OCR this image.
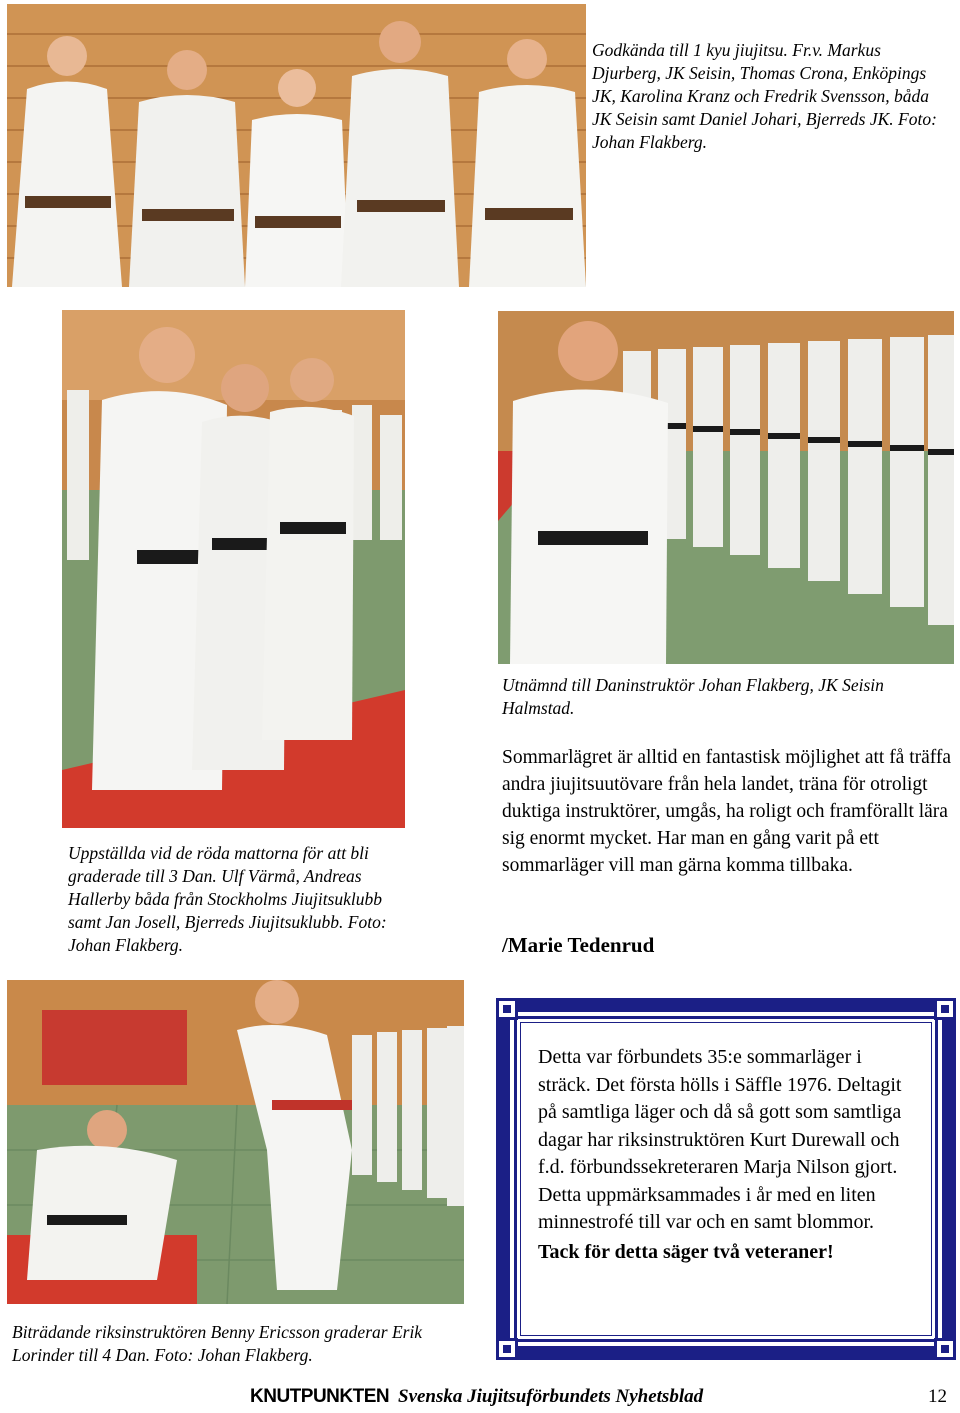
Godkända till 1 kyu jiujitsu. Fr.v. Markus Djurberg, JK Seisin, Thomas Crona, Enköpings JK, Karolina Kranz och Fredrik Svensson, båda JK Seisin samt Daniel Johari, Bjerreds JK. Foto: Johan Flakberg.

Utnämnd till Daninstruktör Johan Flakberg, JK Seisin Halmstad.

Uppställda vid de röda mattorna för att bli graderade till 3 Dan. Ulf Värmå, Andreas Hallerby båda från Stockholms Jiujitsuklubb samt Jan Josell, Bjerreds Jiujitsuklubb. Foto: Johan Flakberg.

Sommarlägret är alltid en fantastisk möjlighet att få träffa andra jiujitsuutövare från hela landet, träna för otroligt duktiga instruktörer, umgås, ha roligt och framförallt lära sig enormt mycket. Har man en gång varit på ett sommarläger vill man gärna komma tillbaka.

/Marie Tedenrud

Biträdande riksinstruktören Benny Ericsson graderar Erik Lorinder till 4 Dan. Foto: Johan Flakberg.

Detta var förbundets 35:e sommarläger i sträck. Det första hölls i Säffle 1976. Deltagit på samtliga läger och då så gott som samtliga dagar har riksinstruktören Kurt Durewall och f.d. förbundssekreteraren Marja Nilson gjort. Detta uppmärksammades i år med en liten minnestrofé till var och en samt blommor.

Tack för detta säger två veteraner!

KNUTPUNKTEN Svenska Jiujitsuförbundets Nyhetsblad	12
